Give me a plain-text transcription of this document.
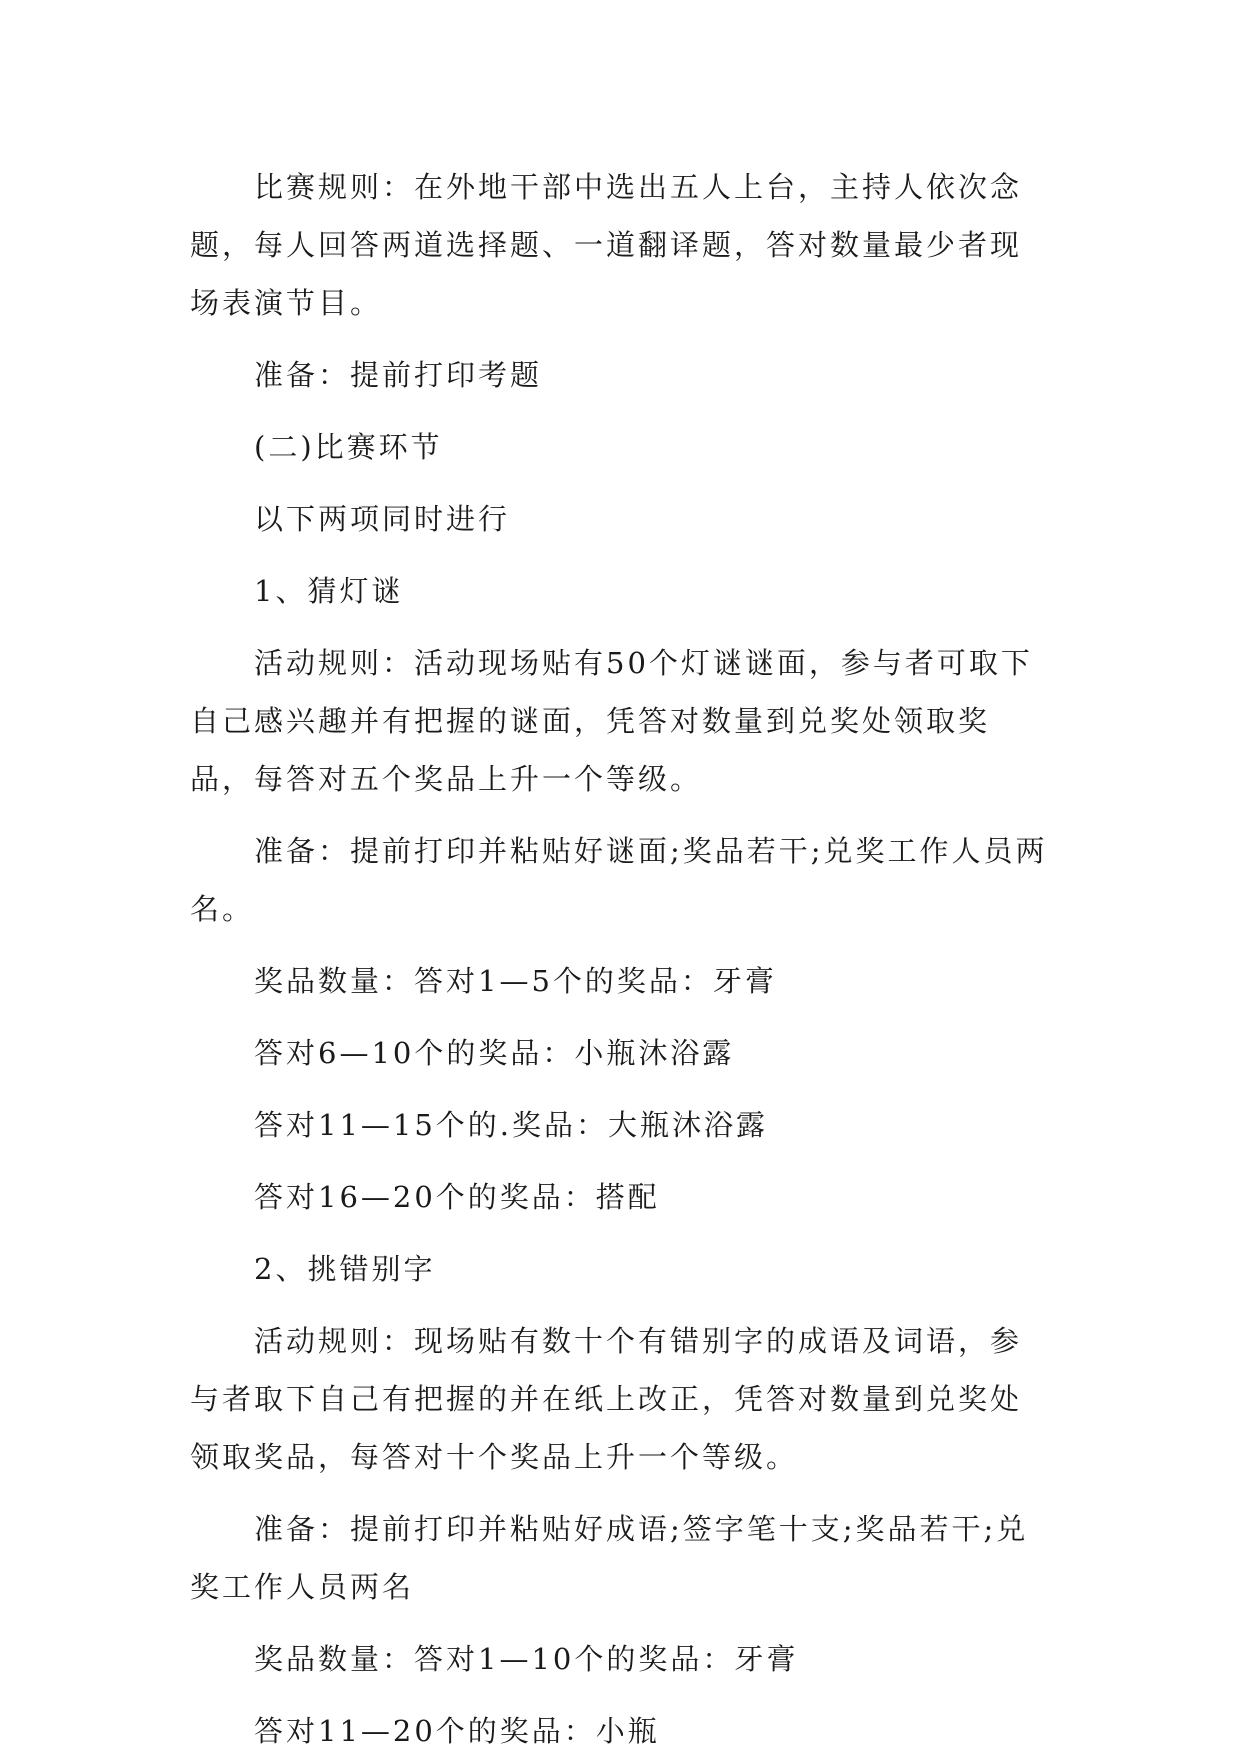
比赛规则：在外地干部中选出五人上台，主持人依次念题，每人回答两道选择题、一道翻译题，答对数量最少者现场表演节目。

准备：提前打印考题

(二)比赛环节

以下两项同时进行

1、猜灯谜

活动规则：活动现场贴有50个灯谜谜面，参与者可取下自己感兴趣并有把握的谜面，凭答对数量到兑奖处领取奖品，每答对五个奖品上升一个等级。

准备：提前打印并粘贴好谜面;奖品若干;兑奖工作人员两名。

奖品数量：答对1—5个的奖品：牙膏

答对6—10个的奖品：小瓶沐浴露

答对11—15个的.奖品：大瓶沐浴露

答对16—20个的奖品：搭配

2、挑错别字

活动规则：现场贴有数十个有错别字的成语及词语，参与者取下自己有把握的并在纸上改正，凭答对数量到兑奖处领取奖品，每答对十个奖品上升一个等级。

准备：提前打印并粘贴好成语;签字笔十支;奖品若干;兑奖工作人员两名

奖品数量：答对1—10个的奖品：牙膏

答对11—20个的奖品：小瓶
